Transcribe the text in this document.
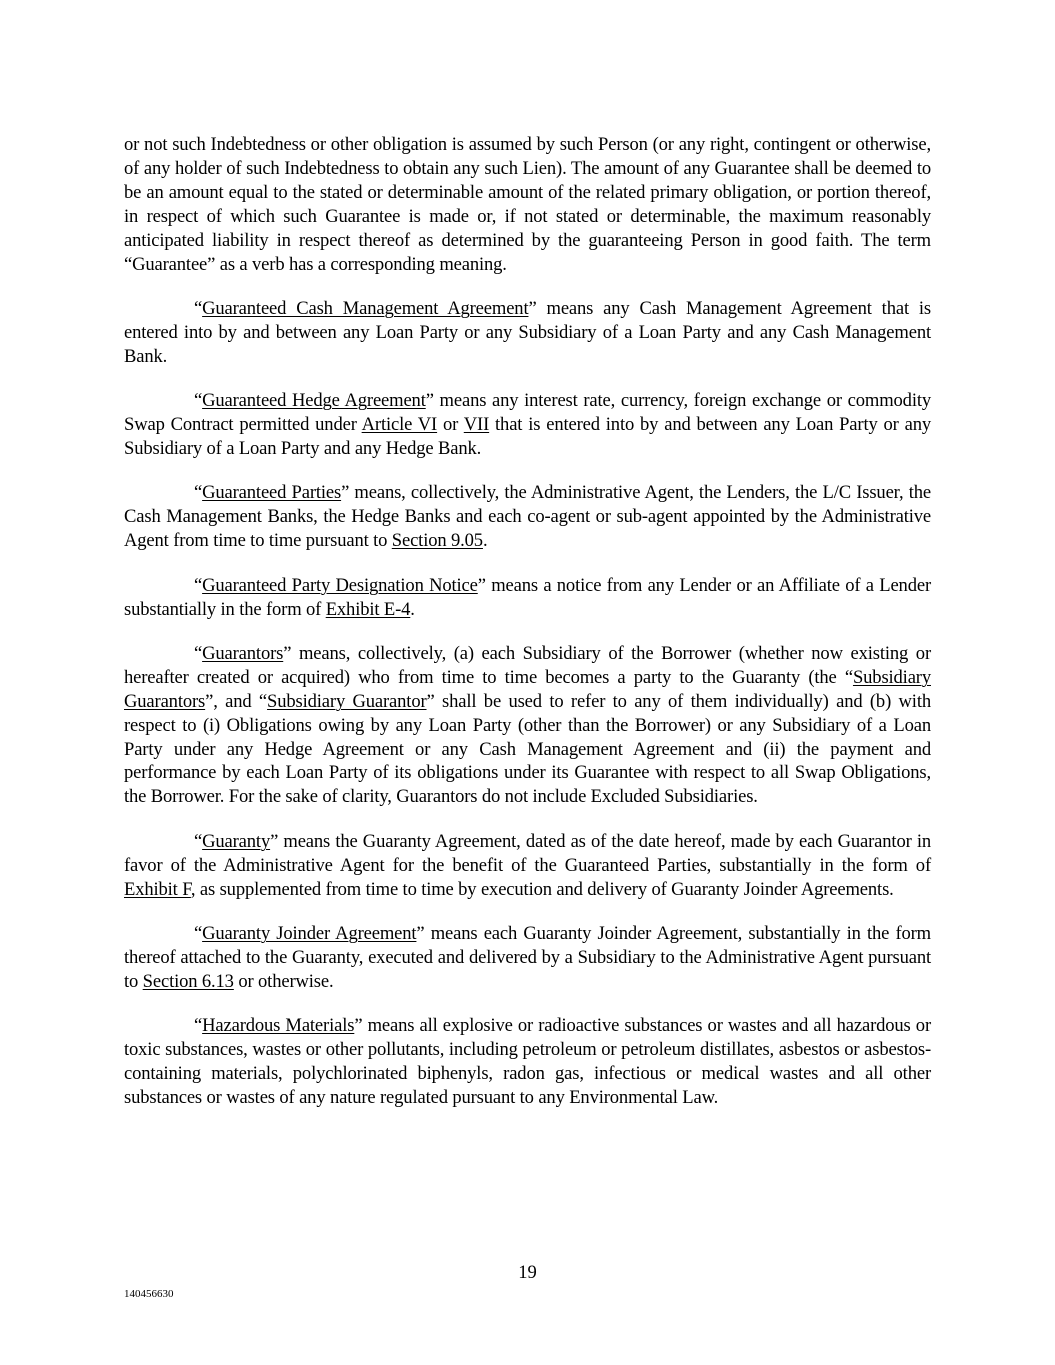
or not such Indebtedness or other obligation is assumed by such Person (or any right, contingent or otherwise, of any holder of such Indebtedness to obtain any such Lien). The amount of any Guarantee shall be deemed to be an amount equal to the stated or determinable amount of the related primary obligation, or portion thereof, in respect of which such Guarantee is made or, if not stated or determinable, the maximum reasonably anticipated liability in respect thereof as determined by the guaranteeing Person in good faith. The term “Guarantee” as a verb has a corresponding meaning.

“Guaranteed Cash Management Agreement” means any Cash Management Agreement that is entered into by and between any Loan Party or any Subsidiary of a Loan Party and any Cash Management Bank.

“Guaranteed Hedge Agreement” means any interest rate, currency, foreign exchange or commodity Swap Contract permitted under Article VI or VII that is entered into by and between any Loan Party or any Subsidiary of a Loan Party and any Hedge Bank.

“Guaranteed Parties” means, collectively, the Administrative Agent, the Lenders, the L/C Issuer, the Cash Management Banks, the Hedge Banks and each co-agent or sub-agent appointed by the Administrative Agent from time to time pursuant to Section 9.05.

“Guaranteed Party Designation Notice” means a notice from any Lender or an Affiliate of a Lender substantially in the form of Exhibit E-4.

“Guarantors” means, collectively, (a) each Subsidiary of the Borrower (whether now existing or hereafter created or acquired) who from time to time becomes a party to the Guaranty (the “Subsidiary Guarantors”, and “Subsidiary Guarantor” shall be used to refer to any of them individually) and (b) with respect to (i) Obligations owing by any Loan Party (other than the Borrower) or any Subsidiary of a Loan Party under any Hedge Agreement or any Cash Management Agreement and (ii) the payment and performance by each Loan Party of its obligations under its Guarantee with respect to all Swap Obligations, the Borrower. For the sake of clarity, Guarantors do not include Excluded Subsidiaries.

“Guaranty” means the Guaranty Agreement, dated as of the date hereof, made by each Guarantor in favor of the Administrative Agent for the benefit of the Guaranteed Parties, substantially in the form of Exhibit F, as supplemented from time to time by execution and delivery of Guaranty Joinder Agreements.

“Guaranty Joinder Agreement” means each Guaranty Joinder Agreement, substantially in the form thereof attached to the Guaranty, executed and delivered by a Subsidiary to the Administrative Agent pursuant to Section 6.13 or otherwise.

“Hazardous Materials” means all explosive or radioactive substances or wastes and all hazardous or toxic substances, wastes or other pollutants, including petroleum or petroleum distillates, asbestos or asbestos-containing materials, polychlorinated biphenyls, radon gas, infectious or medical wastes and all other substances or wastes of any nature regulated pursuant to any Environmental Law.

19
140456630
